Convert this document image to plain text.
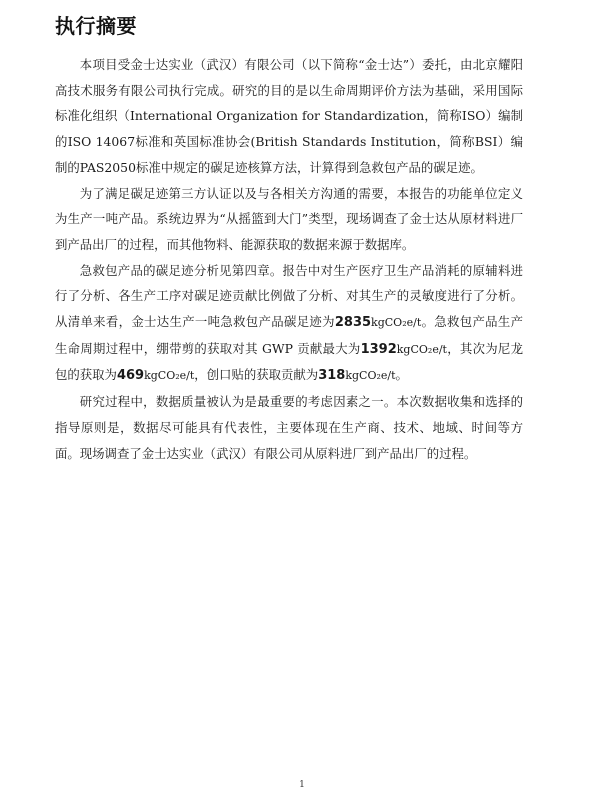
执行摘要

本项目受金士达实业（武汉）有限公司（以下简称“金士达”）委托，由北京耀阳高技术服务有限公司执行完成。研究的目的是以生命周期评价方法为基础，采用国际标准化组织（International Organization for Standardization，简称ISO）编制的ISO 14067标准和英国标准协会(British Standards Institution，简称BSI）编制的PAS2050标准中规定的碳足迹核算方法，计算得到急救包产品的碳足迹。

为了满足碳足迹第三方认证以及与各相关方沟通的需要，本报告的功能单位定义为生产一吨产品。系统边界为“从摇篮到大门”类型，现场调查了金士达从原材料进厂到产品出厂的过程，而其他物料、能源获取的数据来源于数据库。

急救包产品的碳足迹分析见第四章。报告中对生产医疗卫生产品消耗的原辅料进行了分析、各生产工序对碳足迹贡献比例做了分析、对其生产的灵敏度进行了分析。从清单来看，金士达生产一吨急救包产品碳足迹为2835kgCO₂e/t。急救包产品生产生命周期过程中，绷带剪的获取对其 GWP 贡献最大为1392kgCO₂e/t，其次为尼龙包的获取为469kgCO₂e/t，创口贴的获取贡献为318kgCO₂e/t。

研究过程中，数据质量被认为是最重要的考虑因素之一。本次数据收集和选择的指导原则是，数据尽可能具有代表性，主要体现在生产商、技术、地域、时间等方面。现场调查了金士达实业（武汉）有限公司从原料进厂到产品出厂的过程。

1
